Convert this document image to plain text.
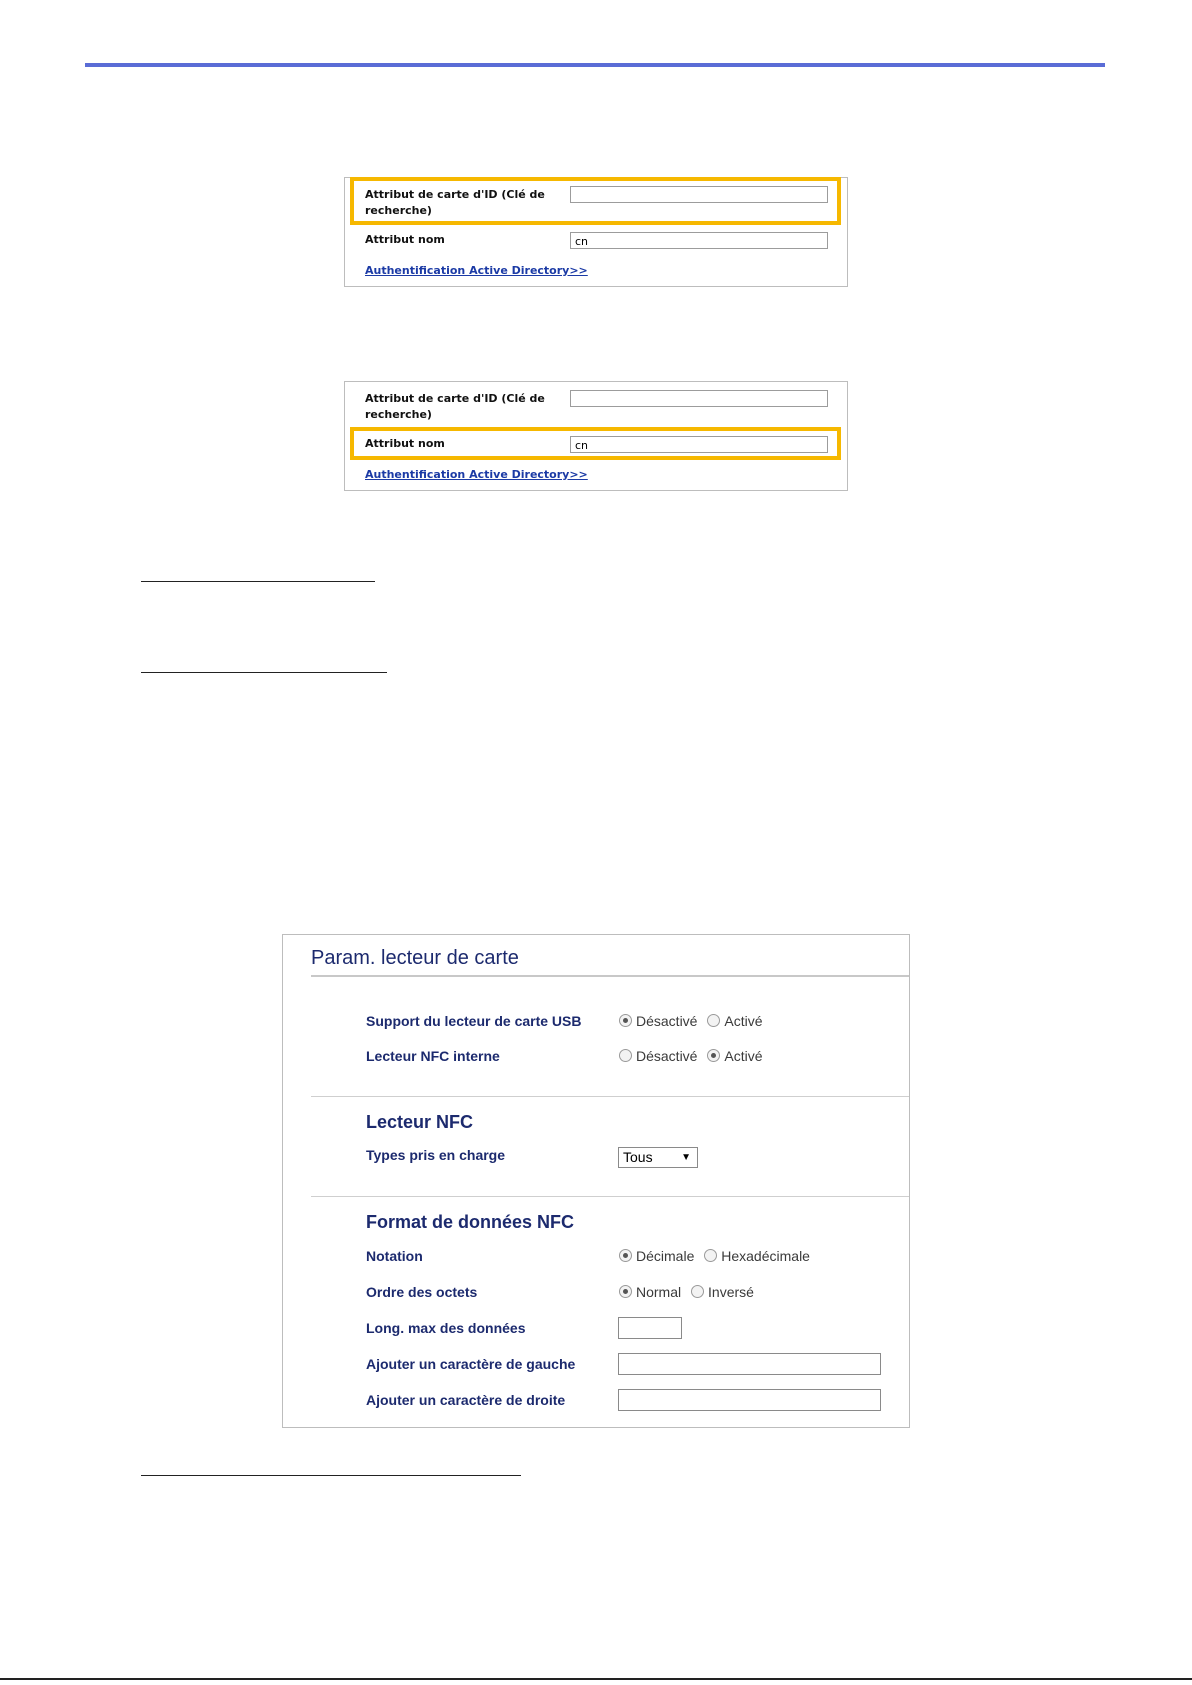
Attribut de carte d'ID (Clé de recherche)
Attribut nom	cn
Authentification Active Directory>>
Attribut de carte d'ID (Clé de recherche)
Attribut nom	cn
Authentification Active Directory>>
Param. lecteur de carte
Support du lecteur de carte USB	Désactivé Activé
Lecteur NFC interne	Désactivé Activé
Lecteur NFC
Types pris en charge	Tous	▼
Format de données NFC
Notation	Décimale Hexadécimale
Ordre des octets	Normal Inversé
Long. max des données
Ajouter un caractère de gauche
Ajouter un caractère de droite
